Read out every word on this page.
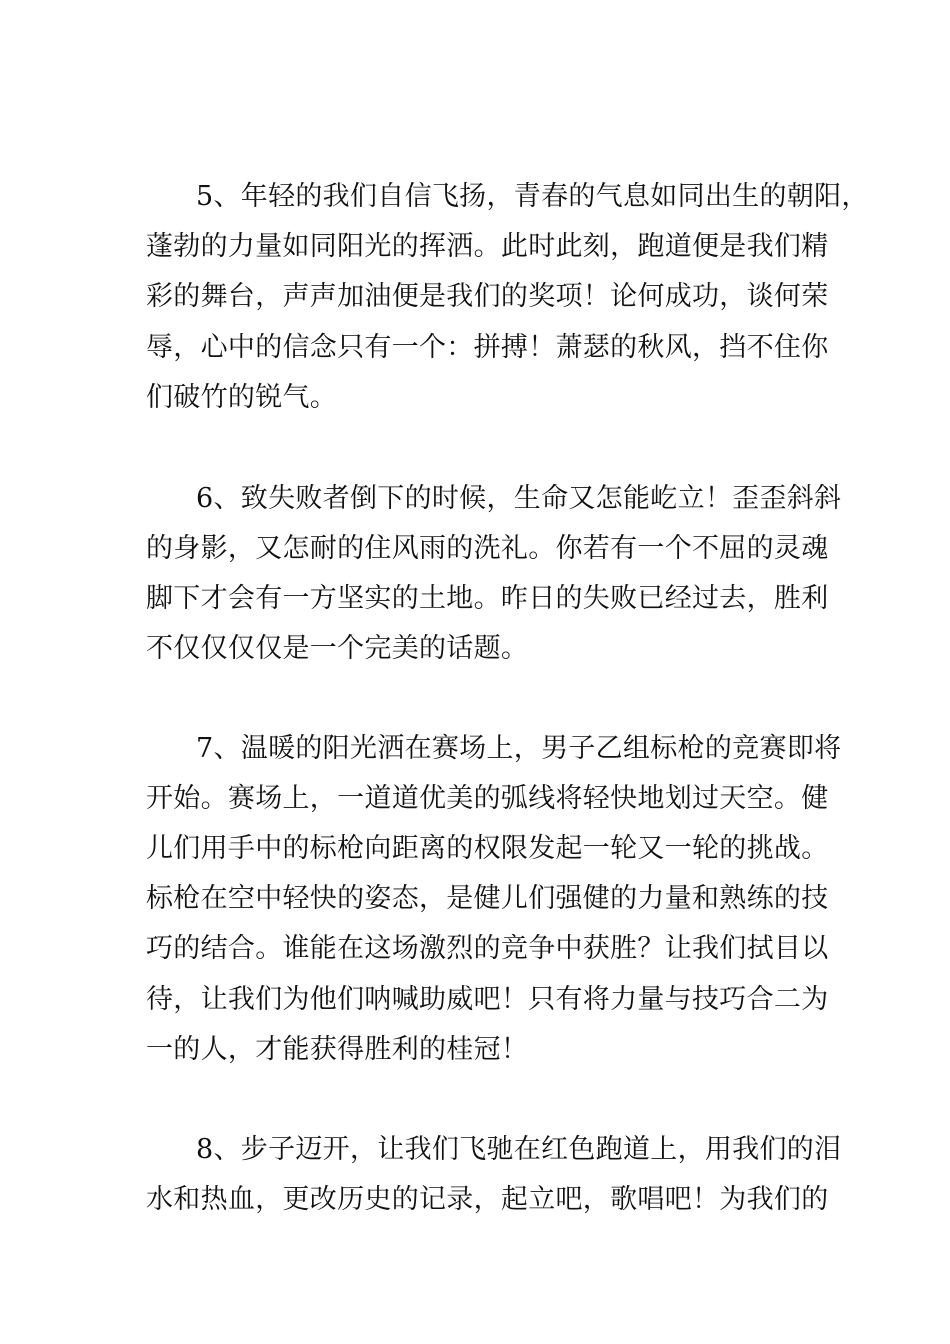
5、年轻的我们自信飞扬，青春的气息如同出生的朝阳，
蓬勃的力量如同阳光的挥洒。此时此刻，跑道便是我们精
彩的舞台，声声加油便是我们的奖项！论何成功，谈何荣
辱，心中的信念只有一个：拼搏！萧瑟的秋风，挡不住你
们破竹的锐气。
6、致失败者倒下的时候，生命又怎能屹立！歪歪斜斜
的身影，又怎耐的住风雨的洗礼。你若有一个不屈的灵魂
脚下才会有一方坚实的土地。昨日的失败已经过去，胜利
不仅仅仅仅是一个完美的话题。
7、温暖的阳光洒在赛场上，男子乙组标枪的竞赛即将
开始。赛场上，一道道优美的弧线将轻快地划过天空。健
儿们用手中的标枪向距离的权限发起一轮又一轮的挑战。
标枪在空中轻快的姿态，是健儿们强健的力量和熟练的技
巧的结合。谁能在这场激烈的竞争中获胜？让我们拭目以
待，让我们为他们呐喊助威吧！只有将力量与技巧合二为
一的人，才能获得胜利的桂冠！
8、步子迈开，让我们飞驰在红色跑道上，用我们的泪
水和热血，更改历史的记录，起立吧，歌唱吧！为我们的
